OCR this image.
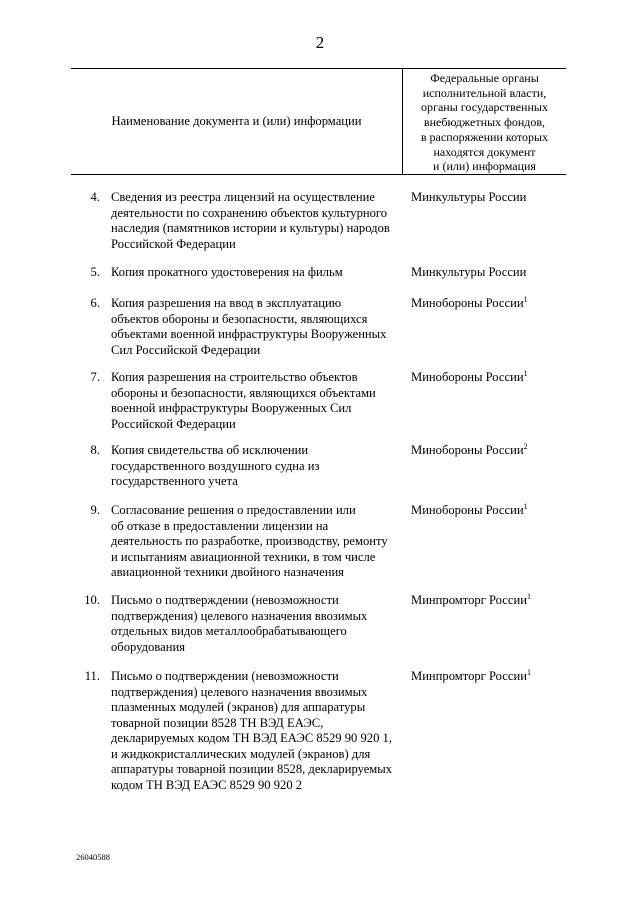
2
Наименование документа и (или) информации
Федеральные органы
исполнительной власти,
органы государственных
внебюджетных фондов,
в распоряжении которых
находятся документ
и (или) информация
4. Сведения из реестра лицензий на осуществление
деятельности по сохранению объектов культурного
наследия (памятников истории и культуры) народов
Российской Федерации
Минкультуры России
5. Копия прокатного удостоверения на фильм	Минкультуры России
6. Копия разрешения на ввод в эксплуатацию
объектов обороны и безопасности, являющихся
объектами военной инфраструктуры Вооруженных
Сил Российской Федерации
Минобороны России$^1$
7. Копия разрешения на строительство объектов
обороны и безопасности, являющихся объектами
военной инфраструктуры Вооруженных Сил
Российской Федерации
Минобороны России$^1$
8. Копия свидетельства об исключении
государственного воздушного судна из
государственного учета
Минобороны России$^2$
9. Согласование решения о предоставлении или
об отказе в предоставлении лицензии на
деятельность по разработке, производству, ремонту
и испытаниям авиационной техники, в том числе
авиационной техники двойного назначения
Минобороны России$^1$
10. Письмо о подтверждении (невозможности
подтверждения) целевого назначения ввозимых
отдельных видов металлообрабатывающего
оборудования
Минпромторг России$^1$
11. Письмо о подтверждении (невозможности
подтверждения) целевого назначения ввозимых
плазменных модулей (экранов) для аппаратуры
товарной позиции 8528 ТН ВЭД ЕАЭС,
декларируемых кодом ТН ВЭД ЕАЭС 8529 90 920 1,
и жидкокристаллических модулей (экранов) для
аппаратуры товарной позиции 8528, декларируемых
кодом ТН ВЭД ЕАЭС 8529 90 920 2
Минпромторг России$^1$
26040588
